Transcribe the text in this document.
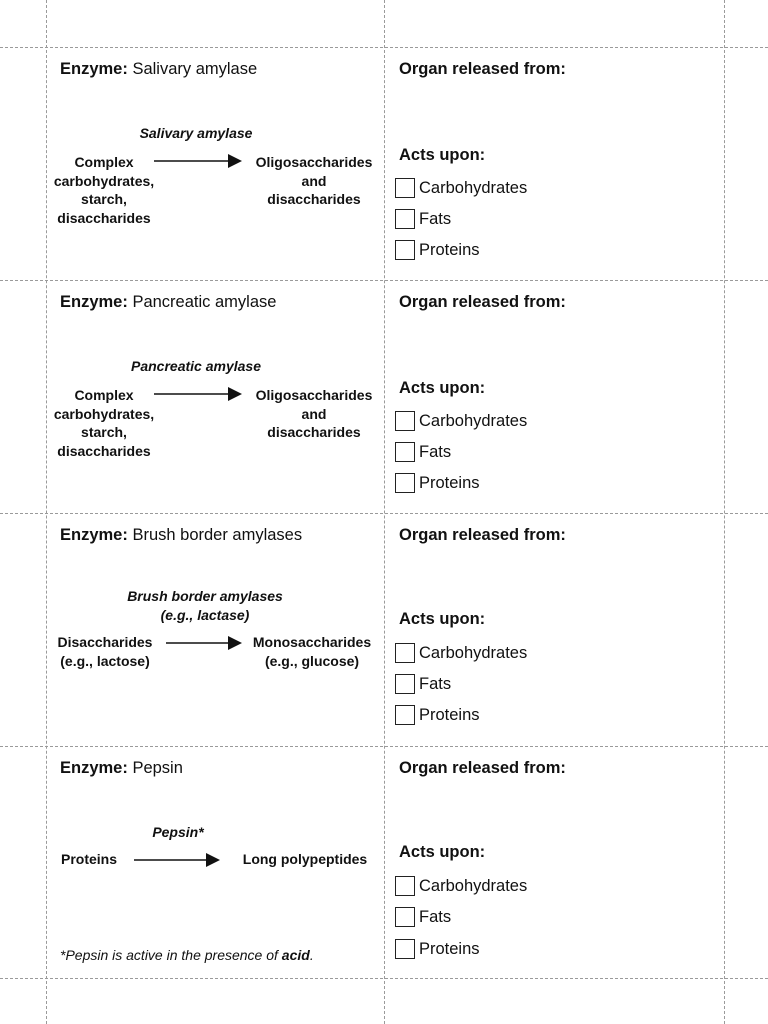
Enzyme: Salivary amylase
Salivary amylase
Complex
carbohydrates,
starch,
disaccharides
Oligosaccharides
and
disaccharides
Organ released from:
Acts upon:
Carbohydrates
Fats
Proteins
Enzyme: Pancreatic amylase
Pancreatic amylase
Complex
carbohydrates,
starch,
disaccharides
Oligosaccharides
and
disaccharides
Organ released from:
Acts upon:
Carbohydrates
Fats
Proteins
Enzyme: Brush border amylases
Brush border amylases
(e.g., lactase)
Disaccharides
(e.g., lactose)
Monosaccharides
(e.g., glucose)
Organ released from:
Acts upon:
Carbohydrates
Fats
Proteins
Enzyme: Pepsin
Pepsin*
Proteins	Long polypeptides
*Pepsin is active in the presence of acid.
Organ released from:
Acts upon:
Carbohydrates
Fats
Proteins
